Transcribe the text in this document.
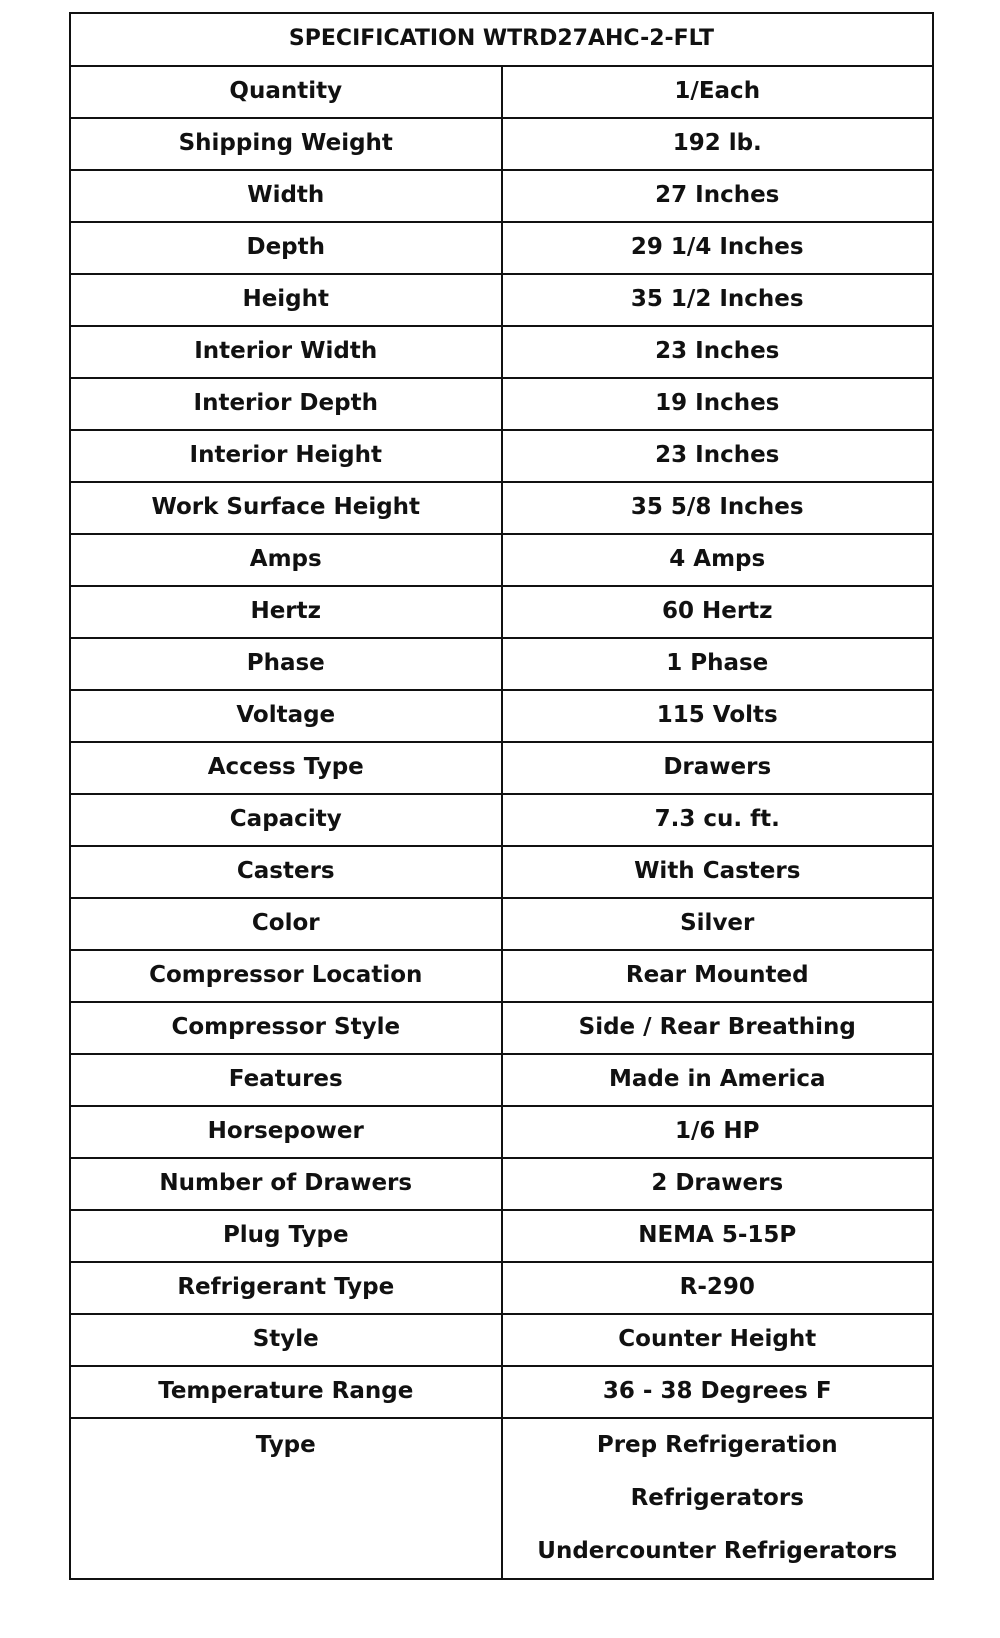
SPECIFICATION WTRD27AHC-2-FLT	
Quantity	1/Each
Shipping Weight	192 lb.
Width	27 Inches
Depth	29 1/4 Inches
Height	35 1/2 Inches
Interior Width	23 Inches
Interior Depth	19 Inches
Interior Height	23 Inches
Work Surface Height	35 5/8 Inches
Amps	4 Amps
Hertz	60 Hertz
Phase	1 Phase
Voltage	115 Volts
Access Type	Drawers
Capacity	7.3 cu. ft.
Casters	With Casters
Color	Silver
Compressor Location	Rear Mounted
Compressor Style	Side / Rear Breathing
Features	Made in America
Horsepower	1/6 HP
Number of Drawers	2 Drawers
Plug Type	NEMA 5-15P
Refrigerant Type	R-290
Style	Counter Height
Temperature Range	36 - 38 Degrees F
Type	Prep Refrigeration
Refrigerators
Undercounter Refrigerators
